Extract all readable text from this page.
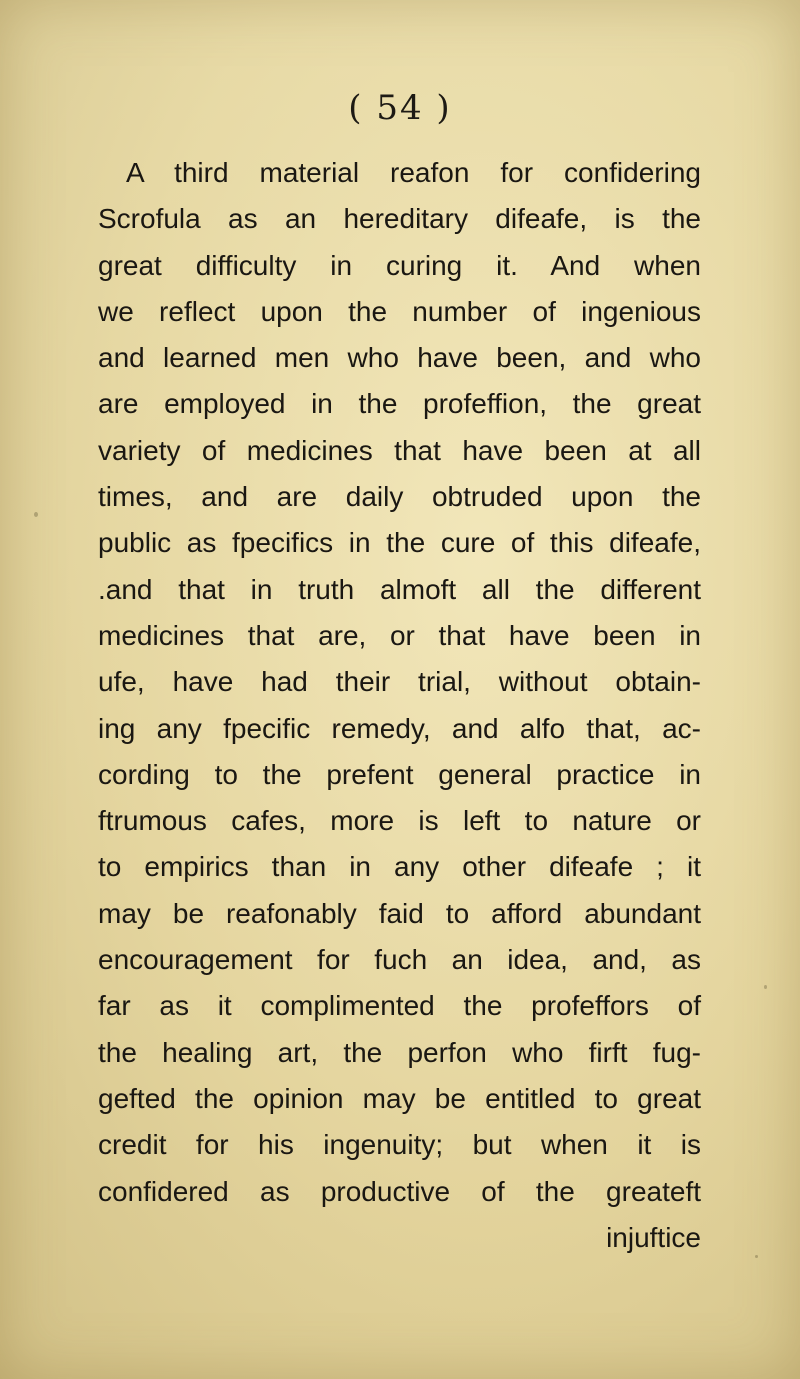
( 54 )
A third material reafon for confidering
Scrofula as an hereditary difeafe, is the
great difficulty in curing it. And when
we reflect upon the number of ingenious
and learned men who have been, and who
are employed in the profeffion, the great
variety of medicines that have been at all
times, and are daily obtruded upon the
public as fpecifics in the cure of this difeafe,
.and that in truth almoft all the different
medicines that are, or that have been in
ufe, have had their trial, without obtain-
ing any fpecific remedy, and alfo that, ac-
cording to the prefent general practice in
ftrumous cafes, more is left to nature or
to empirics than in any other difeafe ; it
may be reafonably faid to afford abundant
encouragement for fuch an idea, and, as
far as it complimented the profeffors of
the healing art, the perfon who firft fug-
gefted the opinion may be entitled to great
credit for his ingenuity; but when it is
confidered as productive of the greateft
injuftice
